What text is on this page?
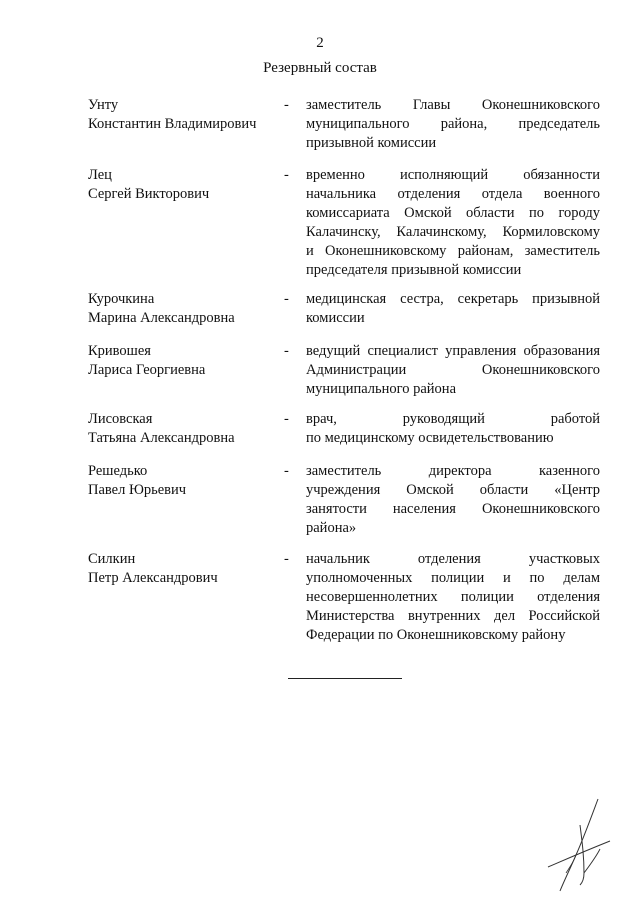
2
Резервный состав
Унту
Константин Владимирович
- заместитель Главы Оконешниковского
муниципального района, председатель
призывной комиссии
Лец
Сергей Викторович
- временно исполняющий обязанности
начальника отделения отдела военного
комиссариата Омской области по городу
Калачинску, Калачинскому, Кормиловскому
и Оконешниковскому районам, заместитель
председателя призывной комиссии
Курочкина
Марина Александровна
- медицинская сестра, секретарь призывной
комиссии
Кривошея
Лариса Георгиевна
- ведущий специалист управления образования
Администрации Оконешниковского
муниципального района
Лисовская
Татьяна Александровна
- врач, руководящий работой
по медицинскому освидетельствованию
Решедько
Павел Юрьевич
- заместитель директора казенного
учреждения Омской области «Центр
занятости населения Оконешниковского
района»
Силкин
Петр Александрович
- начальник отделения участковых
уполномоченных полиции и по делам
несовершеннолетних полиции отделения
Министерства внутренних дел Российской
Федерации по Оконешниковскому району
